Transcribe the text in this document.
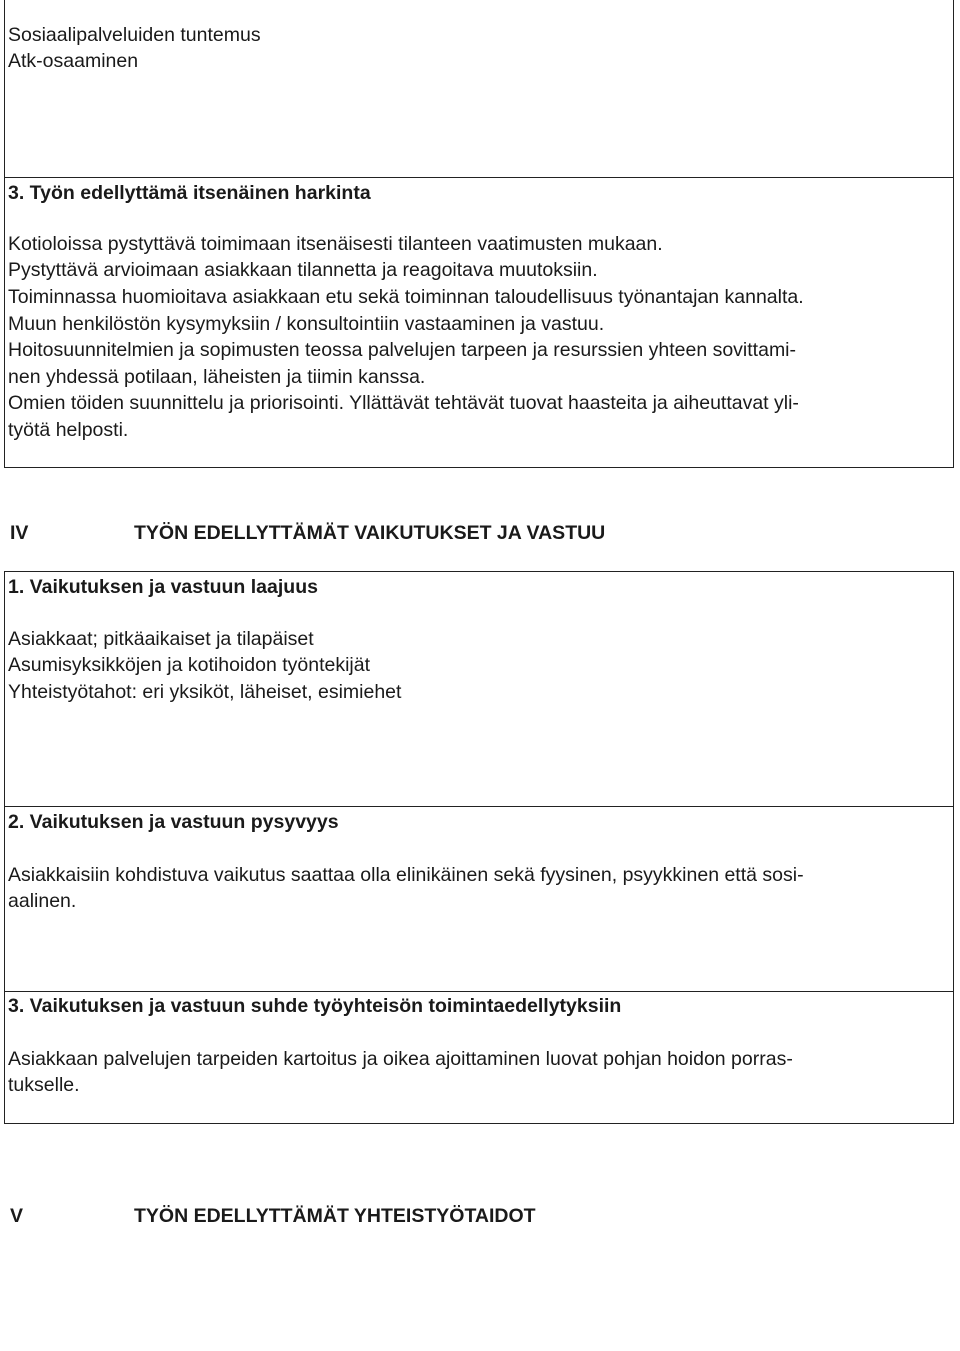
Sosiaalipalveluiden tuntemus
Atk-osaaminen
3. Työn edellyttämä itsenäinen harkinta
Kotioloissa pystyttävä toimimaan itsenäisesti tilanteen vaatimusten mukaan.
Pystyttävä arvioimaan asiakkaan tilannetta ja reagoitava muutoksiin.
Toiminnassa huomioitava asiakkaan etu sekä toiminnan taloudellisuus työnantajan kannalta.
Muun henkilöstön kysymyksiin / konsultointiin vastaaminen ja vastuu.
Hoitosuunnitelmien ja sopimusten teossa palvelujen tarpeen ja resurssien yhteen sovittami-
nen yhdessä potilaan, läheisten ja tiimin kanssa.
Omien töiden suunnittelu ja priorisointi. Yllättävät tehtävät tuovat haasteita ja aiheuttavat yli-
työtä helposti.
IV	TYÖN EDELLYTTÄMÄT VAIKUTUKSET JA VASTUU
1. Vaikutuksen ja vastuun laajuus
Asiakkaat; pitkäaikaiset ja tilapäiset
Asumisyksikköjen ja kotihoidon työntekijät
Yhteistyötahot: eri yksiköt, läheiset, esimiehet
2. Vaikutuksen ja vastuun pysyvyys
Asiakkaisiin kohdistuva vaikutus saattaa olla elinikäinen sekä fyysinen, psyykkinen että sosi-
aalinen.
3. Vaikutuksen ja vastuun suhde työyhteisön toimintaedellytyksiin
Asiakkaan palvelujen tarpeiden kartoitus ja oikea ajoittaminen luovat pohjan hoidon porras-
tukselle.
V	TYÖN EDELLYTTÄMÄT YHTEISTYÖTAIDOT
